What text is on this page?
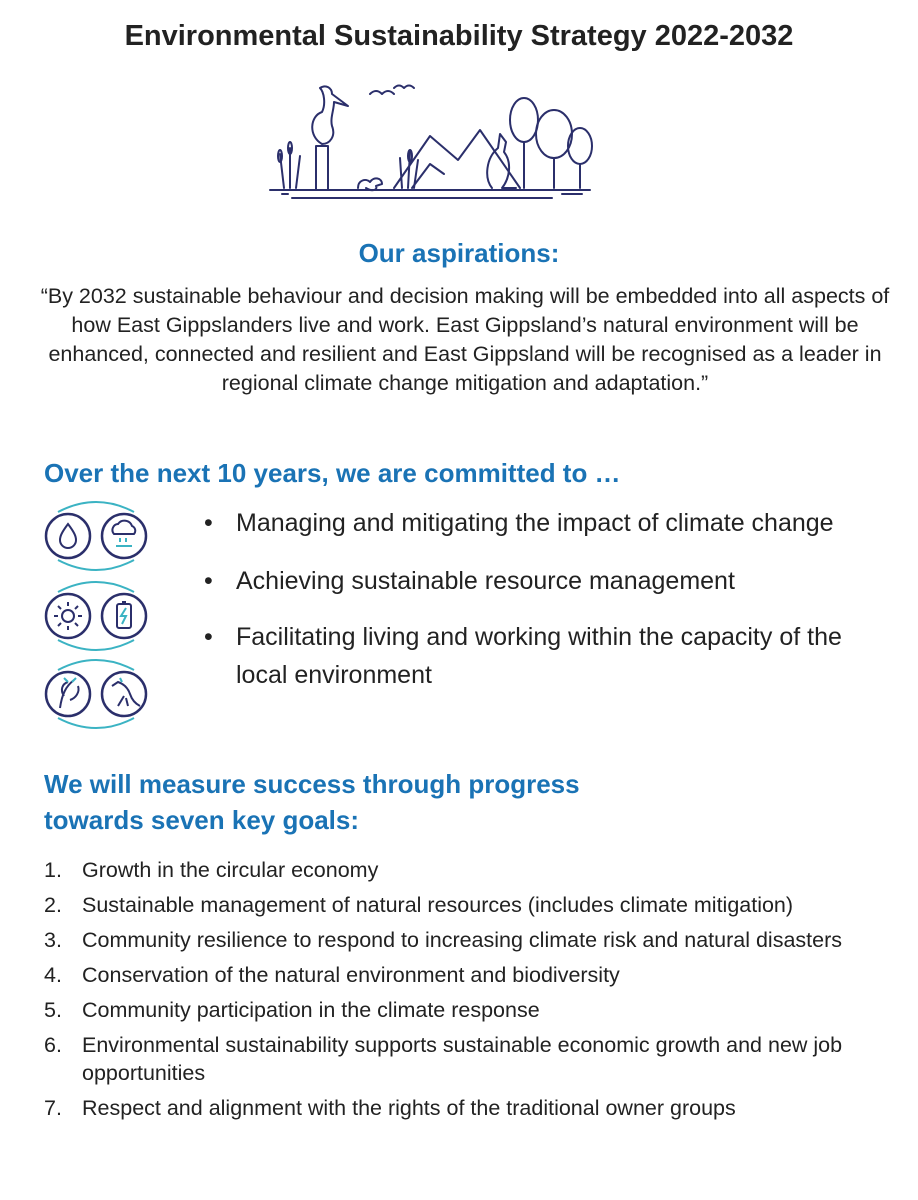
Environmental Sustainability Strategy 2022-2032
Our aspirations:
“By 2032 sustainable behaviour and decision making will be embedded into all aspects of how East Gippslanders live and work. East Gippsland’s natural environment will be enhanced, connected and resilient and East Gippsland will be recognised as a leader in regional climate change mitigation and adaptation.”
Over the next 10 years, we are committed to …
• Managing and mitigating the impact of climate change
• Achieving sustainable resource management
• Facilitating living and working within the capacity of the local environment
We will measure success through progress
towards seven key goals:
1. Growth in the circular economy
2. Sustainable management of natural resources (includes climate mitigation)
3. Community resilience to respond to increasing climate risk and natural disasters
4. Conservation of the natural environment and biodiversity
5. Community participation in the climate response
6. Environmental sustainability supports sustainable economic growth and new job opportunities
7. Respect and alignment with the rights of the traditional owner groups
